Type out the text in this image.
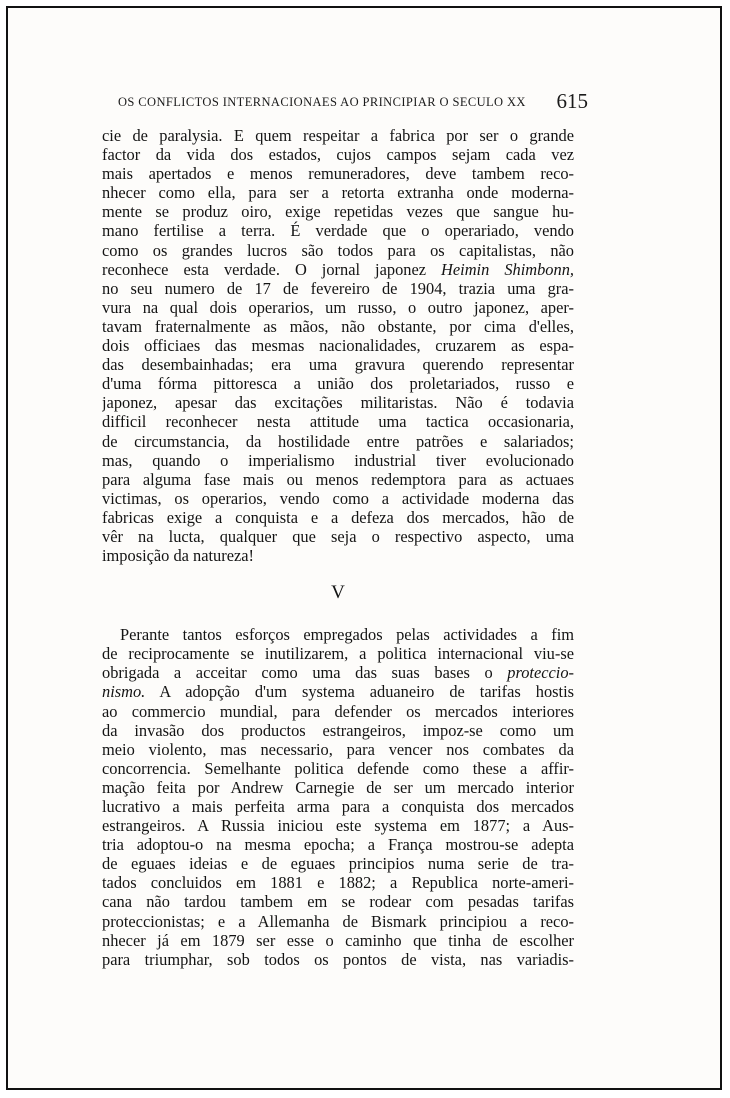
OS CONFLICTOS INTERNACIONAES AO PRINCIPIAR O SECULO XX 615
cie de paralysia. E quem respeitar a fabrica por ser o grande
factor da vida dos estados, cujos campos sejam cada vez
mais apertados e menos remuneradores, deve tambem reco-
nhecer como ella, para ser a retorta extranha onde moderna-
mente se produz oiro, exige repetidas vezes que sangue hu-
mano fertilise a terra. É verdade que o operariado, vendo
como os grandes lucros são todos para os capitalistas, não
reconhece esta verdade. O jornal japonez Heimin Shimbonn,
no seu numero de 17 de fevereiro de 1904, trazia uma gra-
vura na qual dois operarios, um russo, o outro japonez, aper-
tavam fraternalmente as mãos, não obstante, por cima d'elles,
dois officiaes das mesmas nacionalidades, cruzarem as espa-
das desembainhadas; era uma gravura querendo representar
d'uma fórma pittoresca a união dos proletariados, russo e
japonez, apesar das excitações militaristas. Não é todavia
difficil reconhecer nesta attitude uma tactica occasionaria,
de circumstancia, da hostilidade entre patrões e salariados;
mas, quando o imperialismo industrial tiver evolucionado
para alguma fase mais ou menos redemptora para as actuaes
victimas, os operarios, vendo como a actividade moderna das
fabricas exige a conquista e a defeza dos mercados, hão de
vêr na lucta, qualquer que seja o respectivo aspecto, uma
imposição da natureza!
V
Perante tantos esforços empregados pelas actividades a fim
de reciprocamente se inutilizarem, a politica internacional viu-se
obrigada a acceitar como uma das suas bases o proteccio-
nismo. A adopção d'um systema aduaneiro de tarifas hostis
ao commercio mundial, para defender os mercados interiores
da invasão dos productos estrangeiros, impoz-se como um
meio violento, mas necessario, para vencer nos combates da
concorrencia. Semelhante politica defende como these a affir-
mação feita por Andrew Carnegie de ser um mercado interior
lucrativo a mais perfeita arma para a conquista dos mercados
estrangeiros. A Russia iniciou este systema em 1877; a Aus-
tria adoptou-o na mesma epocha; a França mostrou-se adepta
de eguaes ideias e de eguaes principios numa serie de tra-
tados concluidos em 1881 e 1882; a Republica norte-ameri-
cana não tardou tambem em se rodear com pesadas tarifas
proteccionistas; e a Allemanha de Bismark principiou a reco-
nhecer já em 1879 ser esse o caminho que tinha de escolher
para triumphar, sob todos os pontos de vista, nas variadis-
